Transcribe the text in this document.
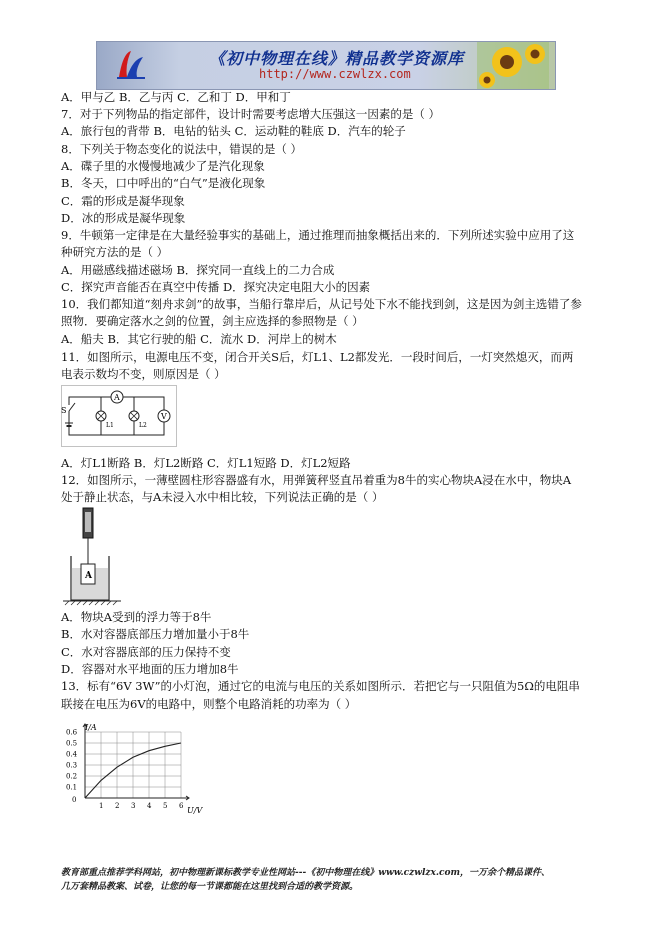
《初中物理在线》精品教学资源库
http://www.czwlzx.com
A．甲与乙 B．乙与丙 C．乙和丁 D．甲和丁
7．对于下列物品的指定部件，设计时需要考虑增大压强这一因素的是（ ）
A．旅行包的背带 B．电钻的钻头 C．运动鞋的鞋底 D．汽车的轮子
8．下列关于物态变化的说法中，错误的是（ ）
A．碟子里的水慢慢地减少了是汽化现象
B．冬天，口中呼出的“白气”是液化现象
C．霜的形成是凝华现象
D．冰的形成是凝华现象
9．牛顿第一定律是在大量经验事实的基础上，通过推理而抽象概括出来的．下列所述实验中应用了这
种研究方法的是（ ）
A．用磁感线描述磁场 B．探究同一直线上的二力合成
C．探究声音能否在真空中传播 D．探究决定电阻大小的因素
10．我们都知道“刻舟求剑”的故事，当船行靠岸后，从记号处下水不能找到剑，这是因为剑主选错了参
照物．要确定落水之剑的位置，剑主应选择的参照物是（ ）
A．船夫 B．其它行驶的船 C．流水 D．河岸上的树木
11．如图所示，电源电压不变，闭合开关S后，灯L1、L2都发光．一段时间后，一灯突然熄灭，而两
电表示数均不变，则原因是（ ）
S
A
L1	L2
V
A．灯L1断路 B．灯L2断路 C．灯L1短路 D．灯L2短路
12．如图所示，一薄壁圆柱形容器盛有水，用弹簧秤竖直吊着重为8牛的实心物块A浸在水中，物块A
处于静止状态，与A未浸入水中相比较，下列说法正确的是（ ）
A
A．物块A受到的浮力等于8牛
B．水对容器底部压力增加量小于8牛
C．水对容器底部的压力保持不变
D．容器对水平地面的压力增加8牛
13．标有“6V 3W”的小灯泡，通过它的电流与电压的关系如图所示．若把它与一只阻值为5Ω的电阻串
联接在电压为6V的电路中，则整个电路消耗的功率为（ ）
I/A
U/V
0
1 2 3 4 5 6
0.6
0.5
0.4
0.3
0.2
0.1
教育部重点推荐学科网站，初中物理新课标教学专业性网站---《初中物理在线》www.czwlzx.com，一万余个精品课件、
几万套精品教案、试卷，让您的每一节课都能在这里找到合适的教学资源。
